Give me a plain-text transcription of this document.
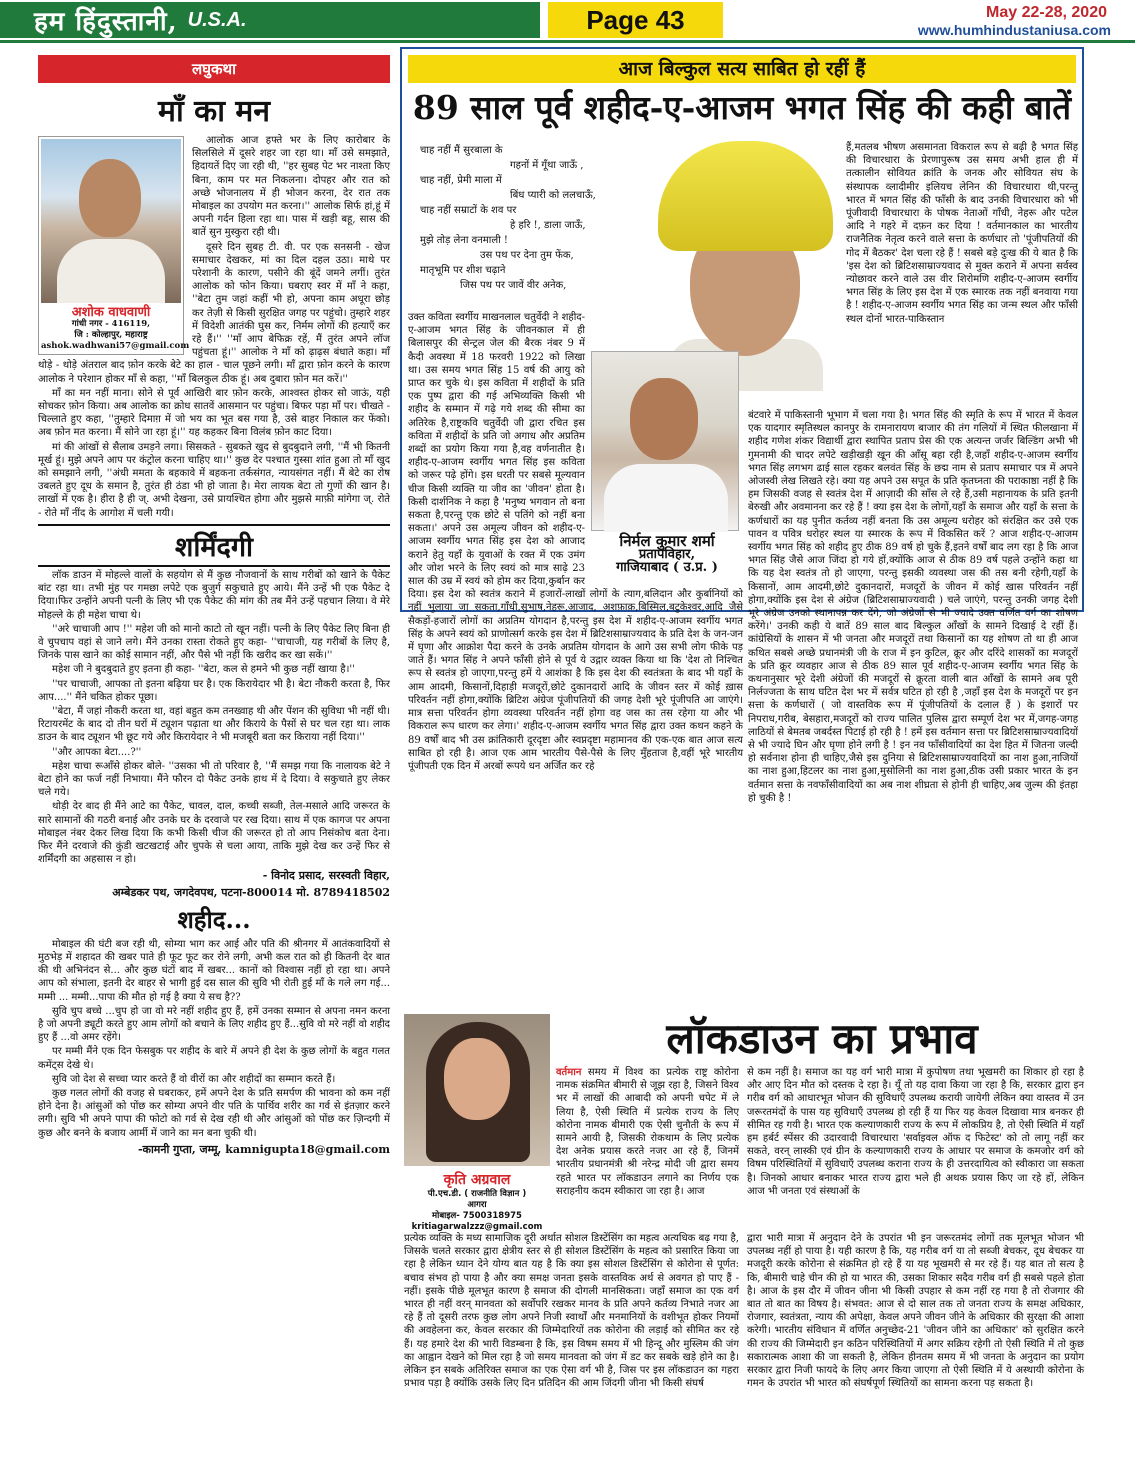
हम हिंदुस्तानी, U.S.A.	Page 43	May 22-28, 2020
www.humhindustaniusa.com
लघुकथा
माँ का मन
अशोक वाधवाणी
गांधी नगर - 416119,
जि : कोल्हापुर, महाराष्ट्र
ashok.wadhwani57@gmail.com

आलोक आज हफ्ते भर के लिए कारोबार के सिलसिले में दूसरे शहर जा रहा था। माँ उसे समझाते, हिदायतें दिए जा रही थी, ''हर सुबह पेट भर नाश्ता किए बिना, काम पर मत निकलना। दोपहर और रात को अच्छे भोजनालय में ही भोजन करना, देर रात तक मोबाइल का उपयोग मत करना।'' आलोक सिर्फ हां,हूं में अपनी गर्दन हिला रहा था। पास में खड़ी बहू, सास की बातें सुन मुस्कुरा रही थी।

दूसरे दिन सुबह टी. वी. पर एक सनसनी - खेज समाचार देखकर, मां का दिल दहल उठा। माथे पर परेशानी के कारण, पसीने की बूंदें जमने लगीं। तुरंत आलोक को फोन किया। घबराए स्वर में माँ ने कहा, ''बेटा तुम जहां कहीं भी हो, अपना काम अधूरा छोड़ कर तेज़ी से किसी सुरक्षित जगह पर पहुंचो। तुम्हारे शहर में विदेशी आतंकी घुस कर, निर्मम लोगों की हत्याएँ कर रहे हैं।'' ''माँ आप बेफिक्र रहें, मैं तुरंत अपने लॉज पहुंचता हूं।'' आलोक ने माँ को ढ़ाढ़स बंधाते कहा। माँ थोड़े - थोड़े अंतराल बाद फ़ोन करके बेटे का हाल - चाल पूछने लगी। माँ द्वारा फ़ोन करने के कारण आलोक ने परेशान होकर माँ से कहा, ''माँ बिलकुल ठीक हूं। अब दुबारा फ़ोन मत करें।''

माँ का मन नहीं माना। सोने से पूर्व आखिरी बार फ़ोन करके, आश्वस्त होकर सो जाऊं, यही सोचकर फ़ोन किया। अब आलोक का क्रोध सातवें आसमान पर पहुंचा। बिफर पड़ा माँ पर। चीखते - चिल्लाते हुए कहा, ''तुम्हारे दिमाग़ में जो भय का भूत बस गया है, उसे बाहर निकाल कर फेंको। अब फ़ोन मत करना। मैं सोने जा रहा हूं।'' यह कहकर बिना विलंब फ़ोन काट दिया।

मां की आंखों से सैलाब उमड़ने लगा। सिसकते - सुबकते खुद से बुदबुदाने लगी, ''मैं भी कितनी मूर्ख हूं। मुझे अपने आप पर कंट्रोल करना चाहिए था।'' कुछ देर पश्चात गुस्सा शांत हुआ तो माँ खुद को समझाने लगी, ''अंधी ममता के बहकावे में बहकना तर्कसंगत, न्यायसंगत नहीं। मैं बेटे का रोष उबलते हुए दूध के समान है, तुरंत ही ठंडा भी हो जाता है। मेरा लायक बेटा तो गुणों की खान है। लाखों में एक है। हीरा है ही ज्. अभी देखना, उसे प्रायश्चित होगा और मुझसे माफ़ी मांगेगा ज्. रोते - रोते माँ नींद के आगोश में चली गयी।

शर्मिंदगी

लॉक डाउन में मोहल्ले वालों के सहयोग से मैं कुछ नौजवानों के साथ गरीबों को खाने के पैकेट बांट रहा था। तभी मुंह पर गमछा लपेटे एक बुजुर्ग सकुचाते हुए आये। मैंने उन्हें भी एक पैकेट दे दिया।फिर उन्होंने अपनी पत्नी के लिए भी एक पैकेट की मांग की तब मैंने उन्हें पहचान लिया। वे मेरे मोहल्ले के ही महेश चाचा थे।

''अरे चाचाजी आप !'' महेश जी को मानो काटो तो खून नहीं। पत्नी के लिए पैकेट लिए बिना ही वे चुपचाप वहां से जाने लगे। मैंने उनका रास्ता रोकते हुए कहा- ''चाचाजी, यह गरीबों के लिए है, जिनके पास खाने का कोई सामान नहीं, और पैसे भी नहीं कि खरीद कर खा सकें।''

महेश जी ने बुदबुदाते हुए इतना ही कहा- ''बेटा, कल से हमने भी कुछ नहीं खाया है।''

''पर चाचाजी, आपका तो इतना बढ़िया घर है। एक किरायेदार भी है। बेटा नौकरी करता है, फिर आप....'' मैंने चकित होकर पूछा।

''बेटा, मैं जहां नौकरी करता था, वहां बहुत कम तनख्वाह थी और पेंशन की सुविधा भी नहीं थी। रिटायरमेंट के बाद दो तीन घरों में ट्यूशन पढ़ाता था और किराये के पैसों से घर चल रहा था। लाक डाउन के बाद ट्यूशन भी छूट गये और किरायेदार ने भी मजबूरी बता कर किराया नहीं दिया।''

''और आपका बेटा....?''

महेश चाचा रूआँसे होकर बोले- ''उसका भी तो परिवार है, ''मैं समझ गया कि नालायक बेटे ने बेटा होने का फर्ज नहीं निभाया। मैंने फौरन दो पैकेट उनके हाथ में दे दिया। वे सकुचाते हुए लेकर चले गये।

थोड़ी देर बाद ही मैंने आटे का पैकेट, चावल, दाल, कच्ची सब्जी, तेल-मसाले आदि जरूरत के सारे सामानों की गठरी बनाई और उनके घर के दरवाजे पर रख दिया। साथ में एक कागज पर अपना मोबाइल नंबर देकर लिख दिया कि कभी किसी चीज की जरूरत हो तो आप निसंकोच बता देना। फिर मैंने दरवाजे की कुंडी खटखटाई और चुपके से चला आया, ताकि मुझे देख कर उन्हें फिर से शर्मिंदगी का अहसास न हो।

- विनोद प्रसाद, सरस्वती विहार,
अम्बेडकर पथ, जगदेवपथ, पटना-800014 मो. 8789418502
शहीद...

मोबाइल की घंटी बज रही थी, सोम्या भाग कर आई और पति की श्रीनगर में आतंकवादियों से मुठभेड़ में शहादत की खबर पाते ही फूट फूट कर रोने लगी, अभी कल रात को ही कितनी देर बात की थी अभिनंदन से... और कुछ घंटों बाद में खबर... कानों को विश्वास नहीं हो रहा था। अपने आप को संभाला, इतनी देर बाहर से भागी हुई दस साल की सुवि भी रोती हुई माँ के गले लग गई... मम्मी ... मम्मी...पापा की मौत हो गई है क्या ये सच है??

सुवि चुप बच्चे ...चुप हो जा वो मरे नहीं शहीद हुए हैं, हमें उनका सम्मान से अपना नमन करना है जो अपनी ड्यूटी करते हुए आम लोगों को बचाने के लिए शहीद हुए हैं...सुवि वो मरे नहीं वो शहीद हुए हैं ...वो अमर रहेंगे।

पर मम्मी मैंने एक दिन फेसबुक पर शहीद के बारे में अपने ही देश के कुछ लोगों के बहुत गलत कमेंट्स देखे थे।

सुवि जो देश से सच्चा प्यार करते हैं वो वीरों का और शहीदों का सम्मान करते हैं।

कुछ गलत लोगों की वजह से घबराकर, हमें अपने देश के प्रति समर्पण की भावना को कम नहीं होने देना है। आंसुओं को पोंछ कर सोम्या अपने वीर पति के पार्थिव शरीर का गर्व से इंतज़ार करने लगी। सुवि भी अपने पापा की फोटो को गर्व से देख रही थी और आंसुओं को पोंछ कर ज़िन्दगी में कुछ और बनने के बजाय आर्मी में जाने का मन बना चुकी थी।

-कामनी गुप्ता, जम्मू, kamnigupta18@gmail.com
आज बिल्कुल सत्य साबित हो रहीं हैं
89 साल पूर्व शहीद-ए-आजम भगत सिंह की कही बातें
चाह नहीं मैं सुरबाला के
गहनों में गूँथा जाऊँ ,
चाह नहीं, प्रेमी माला में
बिंध प्यारी को ललचाऊँ,
चाह नहीं सम्राटों के शव पर
हे हरि !, डाला जाऊँ,
मुझे तोड़ लेना वनमाली !
उस पथ पर देना तुम फेंक,
मातृभूमि पर शीश चढ़ाने
जिस पथ पर जावें वीर अनेक,
हैं,मतलब भीषण असमानता विकराल रूप से बढ़ी है भगत सिंह की विचारधारा के प्रेरणापुरूष उस समय अभी हाल ही में तत्कालीन सोवियत क्रांति के जनक और सोवियत संघ के संस्थापक व्लादीमीर इलियच लेनिन की विचारधारा थी,परन्तु भारत में भगत सिंह की फाँसी के बाद उनकी विचारधारा को भी पूंजीवादी विचारधारा के पोषक नेताओं गाँधी, नेहरू और पटेल आदि ने गहरे में दफ़न कर दिया ! वर्तमानकाल का भारतीय राजनैतिक नेतृत्व करने वाले सत्ता के कर्णधार तो 'पूंजीपतियों की गोद में बैठकर' देश चला रहे हैं ! सबसे बड़े दुःख की ये बात है कि 'इस देश को ब्रिटिशसाम्राज्यवाद से मुक्त कराने में अपना सर्वस्व न्योछावर करने वाले उस वीर शिरोमणि शहीद-ए-आजम स्वर्गीय भगत सिंह के लिए इस देश में एक स्मारक तक नहीं बनवाया गया है ! शहीद-ए-आजम स्वर्गीय भगत सिंह का जन्म स्थल और फाँसी स्थल दोनों भारत-पाकिस्तान
निर्मल कुमार शर्मा
प्रतापविहार,
गाजियाबाद ( उ.प्र. )
उक्त कविता स्वर्गीय माखनलाल चतुर्वेदी ने शहीद-ए-आजम भगत सिंह के जीवनकाल में ही बिलासपुर की सेन्ट्रल जेल की बैरक नंबर 9 में कैदी अवस्था में 18 फरवरी 1922 को लिखा था। उस समय भगत सिंह 15 वर्ष की आयु को प्राप्त कर चुके थे। इस कविता में शहीदों के प्रति एक पुष्प द्वारा की गई अभिव्यक्ति किसी भी शहीद के सम्मान में गढ़े गये शब्द की सीमा का अतिरेक है,राष्ट्रकवि चतुर्वेदी जी द्वारा रचित इस कविता में शहीदों के प्रति जो अगाध और अप्रतिम शब्दों का प्रयोग किया गया है,वह वर्णनातीत है। शहीद-ए-आजम स्वर्गीय भगत सिंह इस कविता को जरूर पढ़े होंगे। इस धरती पर सबसे मूल्यवान चीज किसी व्यक्ति या जीव का 'जीवन' होता है। किसी दार्शनिक ने कहा है 'मनुष्य भगवान तो बना सकता है,परन्तु एक छोटे से पतिंगे को नहीं बना सकता।' अपने उस अमूल्य जीवन को शहीद-ए-आजम स्वर्गीय भगत सिंह इस देश को आजाद कराने हेतु यहाँ के युवाओं के रक्त में एक उमंग और जोश भरने के लिए स्वयं को मात्र साढ़े 23 साल की उम्र में स्वयं को होम कर दिया,कुर्बान कर दिया। इस देश को स्वतंत्र कराने में हजारों-लाखों लोगों के त्याग,बलिदान और कुर्बानियों को नहीं भुलाया जा सकता,गाँधी,सुभाष,नेहरू,आजाद, अशफ़ाक़,बिस्मिल,बटुकेश्वर,आदि जैसे सैकड़ों-हजारों लोगों का अप्रतिम योगदान है,परन्तु इस देश में शहीद-ए-आजम स्वर्गीय भगत सिंह के अपने स्वयं को प्राणोत्सर्ग करके इस देश में ब्रिटिशसाम्राज्यवाद के प्रति देश के जन-जन में घृणा और आक्रोश पैदा करने के उनके अप्रतिम योगदान के आगे उस सभी लोग फीके पड़ जाते हैं। भगत सिंह ने अपने फाँसी होने से पूर्व ये उद्गार व्यक्त किया था कि 'देश तो निश्चित रूप से स्वतंत्र हो जाएगा,परन्तु हमें ये आशंका है कि इस देश की स्वतंत्रता के बाद भी यहाँ के आम आदमी, किसानों,दिहाड़ी मजदूरों,छोटे दुकानदारों आदि के जीवन स्तर में कोई ख़ास परिवर्तन नहीं होगा,क्योंकि ब्रिटिश अंग्रेज पूंजीपतियों की जगह देशी भूरे पूंजीपति आ जाएंगे। मात्र सत्ता परिवर्तन होगा व्यवस्था परिवर्तन नहीं होगा वह जस का तस रहेगा या और भी विकराल रूप धारण कर लेगा।' शहीद-ए-आजम स्वर्गीय भगत सिंह द्वारा उक्त कथन कहने के 89 वर्षों बाद भी उस क्रांतिकारी दूरदृष्टा और स्वप्नदृष्टा महामानव की एक-एक बात आज सत्य साबित हो रही है। आज एक आम भारतीय पैसे-पैसे के लिए मुँहताज है,वहीं भूरे भारतीय पूंजीपती एक दिन में अरबों रूपये धन अर्जित कर रहे
बंटवारे में पाकिस्तानी भूभाग में चला गया है। भगत सिंह की स्मृति के रूप में भारत में केवल एक यादगार स्मृतिस्थल कानपुर के रामनारायण बाजार की तंग गलियों में स्थित फीलखाना में शहीद गणेश शंकर विद्यार्थी द्वारा स्थापित प्रताप प्रेस की एक अत्यन्त जर्जर बिल्डिंग अभी भी गुमनामी की चादर लपेटे खड़ीखड़ी खून की आँसू बहा रही है,जहाँ शहीद-ए-आजम स्वर्गीय भगत सिंह लगभग ढाई साल रहकर बलवंत सिंह के छद्म नाम से प्रताप समाचार पत्र में अपने ओजस्वी लेख लिखते रहे। क्या यह अपने उस सपूत के प्रति कृतघ्नता की पराकाष्ठा नहीं है कि हम जिसकी वजह से स्वतंत्र देश में आज़ादी की साँस ले रहे हैं,उसी महानायक के प्रति इतनी बेरुखी और अवमानना कर रहे हैं ! क्या इस देश के लोगों,यहाँ के समाज और यहाँ के सत्ता के कर्णधारों का यह पुनीत कर्तव्य नहीं बनता कि उस अमूल्य धरोहर को संरक्षित कर उसे एक पावन व पवित्र धरोहर स्थल या स्मारक के रूप में विकसित करें ? आज शहीद-ए-आजम स्वर्गीय भगत सिंह को शहीद हुए ठीक 89 वर्ष हो चुके हैं,इतने वर्षों बाद लग रहा है कि आज भगत सिंह जैसे आज जिंदा हो गये हों,क्योंकि आज से ठीक 89 वर्ष पहले उन्होंने कहा था कि यह देश स्वतंत्र तो हो जाएगा, परन्तु इसकी व्यवस्था जस की तस बनी रहेगी,यहाँ के किसानों, आम आदमी,छोटे दुकानदारों, मजदूरों के जीवन में कोई खास परिवर्तन नहीं होगा,क्योंकि इस देश से अंग्रेज (ब्रिटिशसाम्राज्यवादी ) चले जाएंगे, परन्तु उनकी जगह देशी भूरे अंग्रेज उनको स्थानापन्न कर देंगे, जो अंग्रेजों से भी ज्यादे उक्त वर्णित वर्ग का शोषण करेंगे।' उनकी कही ये बातें 89 साल बाद बिल्कुल आँखों के सामने दिखाई दे रहीं हैं। कांग्रेसियों के शासन में भी जनता और मजदूरों तथा किसानों का यह शोषण तो था ही आज कथित सबसे अच्छे प्रधानमंत्री जी के राज में इन कुटिल, क्रूर और दरिंदे शासकों का मजदूरों के प्रति क्रूर व्यवहार आज से ठीक 89 साल पूर्व शहीद-ए-आजम स्वर्गीय भगत सिंह के कथनानुसार भूरे देशी अंग्रेजों की मजदूरों से क्रूरता वाली बात आँखों के सामने अब पूरी निर्लज्जता के साथ घटित देश भर में सर्वत्र घटित हो रही है ,जहाँ इस देश के मजदूरों पर इन सत्ता के कर्णधारों ( जो वास्तविक रूप में पूंजीपतियों के दलाल हैं ) के इशारों पर निपराध,गरीब, बेसहारा,मजदूरों को राज्य पालित पुलिस द्वारा सम्पूर्ण देश भर में,जगह-जगह लाठियों से बेमतब जबर्दस्त पिटाई हो रही है ! हमें इस वर्तमान सत्ता पर ब्रिटिशसाम्राज्यवादियों से भी ज्यादे घिन और घृणा होने लगी है ! इन नव फाँसीवादियों का देश हित में जितना जल्दी हो सर्वनाश होना ही चाहिए,जैसे इस दुनिया से ब्रिटिशसाम्राज्यवादियों का नाश हुआ,नाजियों का नाश हुआ,हिटलर का नाश हुआ,मुसोलिनी का नाश हुआ,ठीक उसी प्रकार भारत के इन वर्तमान सत्ता के नवफाँसीवादियों का अब नाश शीघ्रता से होनी ही चाहिए,अब जुल्म की इंतहा हो चुकी है !
कृति अग्रवाल
पी.एच.डी. ( राजनीति विज्ञान )
आगरा
मोबाइल- 7500318975
kritiagarwalzzz@gmail.com
लॉकडाउन का प्रभाव
वर्तमान समय में विश्व का प्रत्येक राष्ट्र कोरोना नामक संक्रमित बीमारी से जूझ रहा है, जिसने विश्व भर में लाखों की आबादी को अपनी चपेट में ले लिया है, ऐसी स्थिति में प्रत्येक राज्य के लिए कोरोना नामक बीमारी एक ऐसी चुनौती के रूप में सामने आयी है, जिसकी रोकथाम के लिए प्रत्येक देश अनेक प्रयास करते नजर आ रहे हैं, जिनमें भारतीय प्रधानमंत्री श्री नरेन्द्र मोदी जी द्वारा समय रहते भारत पर लॉकडाउन लगाने का निर्णय एक सराहनीय कदम स्वीकारा जा रहा है। आज
से कम नहीं है। समाज का यह वर्ग भारी मात्रा में कुपोषण तथा भूखमरी का शिकार हो रहा है और आए दिन मौत को दस्तक दे रहा है। यूँ तो यह दावा किया जा रहा है कि, सरकार द्वारा इन गरीब वर्ग को आधारभूत भोजन की सुविधाएँ उपलब्ध करायी जायेगी लेकिन क्या वास्तव में उन जरूरतमंदों के पास यह सुविधाएँ उपलब्ध हो रही हैं या फिर यह केवल दिखावा मात्र बनकर ही सीमित रह गयी है। भारत एक कल्याणकारी राज्य के रूप में लोकप्रिय है, तो ऐसी स्थिति में यहाँ हम हर्बर्ट स्पेंसर की उदारवादी विचारधारा 'सर्वाइवल ऑफ द फिटेस्ट' को तो लागू नहीं कर सकते, वरन् लास्की एवं ग्रीन के कल्याणकारी राज्य के आधार पर समाज के कमजोर वर्ग को विषम परिस्थितियों में सुविधाएँ उपलब्ध कराना राज्य के ही उत्तरदायित्व को स्वीकारा जा सकता है। जिनको आधार बनाकर भारत राज्य द्वारा भले ही अथक प्रयास किए जा रहे हों, लेकिन आज भी जनता एवं संस्थाओं के
प्रत्येक व्यक्ति के मध्य सामाजिक दूरी अर्थात सोशल डिस्टेंसिंग का महत्व अत्यधिक बढ़ गया है, जिसके चलते सरकार द्वारा क्षेत्रीय स्तर से ही सोशल डिस्टेंसिंग के महत्व को प्रसारित किया जा रहा है लेकिन ध्यान देने योग्य बात यह है कि क्या इस सोशल डिस्टेंसिंग से कोरोना से पूर्णत: बचाव संभव हो पाया है और क्या समक्ष जनता इसके वास्तविक अर्थ से अवगत हो पाए हैं - नहीं। इसके पीछे मूलभूत कारण है समाज की दोगली मानसिकता। जहाँ समाज का एक वर्ग भारत ही नहीं वरन् मानवता को सर्वोपरि रखकर मानव के प्रति अपने कर्तव्य निभाते नजर आ रहे हैं तो दूसरी तरफ कुछ लोग अपने निजी स्वार्थों और मनमानियों के वशीभूत होकर नियमों की अवहेलना कर, केवल सरकार की जिम्मेदारियों तक कोरोना की लड़ाई को सीमित कर रहे हैं। यह हमारे देश की भारी विडम्बना है कि, इस विषम समय में भी हिन्दू और मुस्लिम की जंग का आह्वान देखने को मिल रहा है जो समय मानवता को जंग में डट कर सबके खड़े होने का है। लेकिन इन सबके अतिरिक्त समाज का एक ऐसा वर्ग भी है, जिस पर इस लॉकडाउन का गहरा प्रभाव पड़ा है क्योंकि उसके लिए दिन प्रतिदिन की आम जिंदगी जीना भी किसी संघर्ष
द्वारा भारी मात्रा में अनुदान देने के उपरांत भी इन जरूरतमंद लोगों तक मूलभूत भोजन भी उपलब्ध नहीं हो पाया है। यही कारण है कि, यह गरीब वर्ग या तो सब्जी बेचकर, दूध बेचकर या मजदूरी करके कोरोना से संक्रमित हो रहे हैं या यह भूखमरी से मर रहे हैं। यह बात तो सत्य है कि, बीमारी चाहे चीन की हो या भारत की, उसका शिकार सदैव गरीब वर्ग ही सबसे पहले होता है। आज के इस दौर में जीवन जीना भी किसी उपहार से कम नहीं रह गया है तो रोजगार की बात तो बात का विषय है। संभवत: आज से दो साल तक तो जनता राज्य के समक्ष अधिकार, रोजगार, स्वतंत्रता, न्याय की अपेक्षा, केवल अपने जीवन जीने के अधिकार की सुरक्षा की आशा करेगी। भारतीय संविधान में वर्णित अनुच्छेद-21 'जीवन जीने का अधिकार' को सुरक्षित करने की राज्य की जिम्मेदारी इन कठिन परिस्थितियों में अगर सक्रिय रहेगी तो ऐसी स्थिति में तो कुछ सकारात्मक आशा की जा सकती है, लेकिन हीनतम समय में भी जनता के अनुदान का प्रयोग सरकार द्वारा निजी फायदे के लिए अगर किया जाएगा तो ऐसी स्थिति में ये अस्थायी कोरोना के गमन के उपरांत भी भारत को संघर्षपूर्ण स्थितियों का सामना करना पड़ सकता है।
